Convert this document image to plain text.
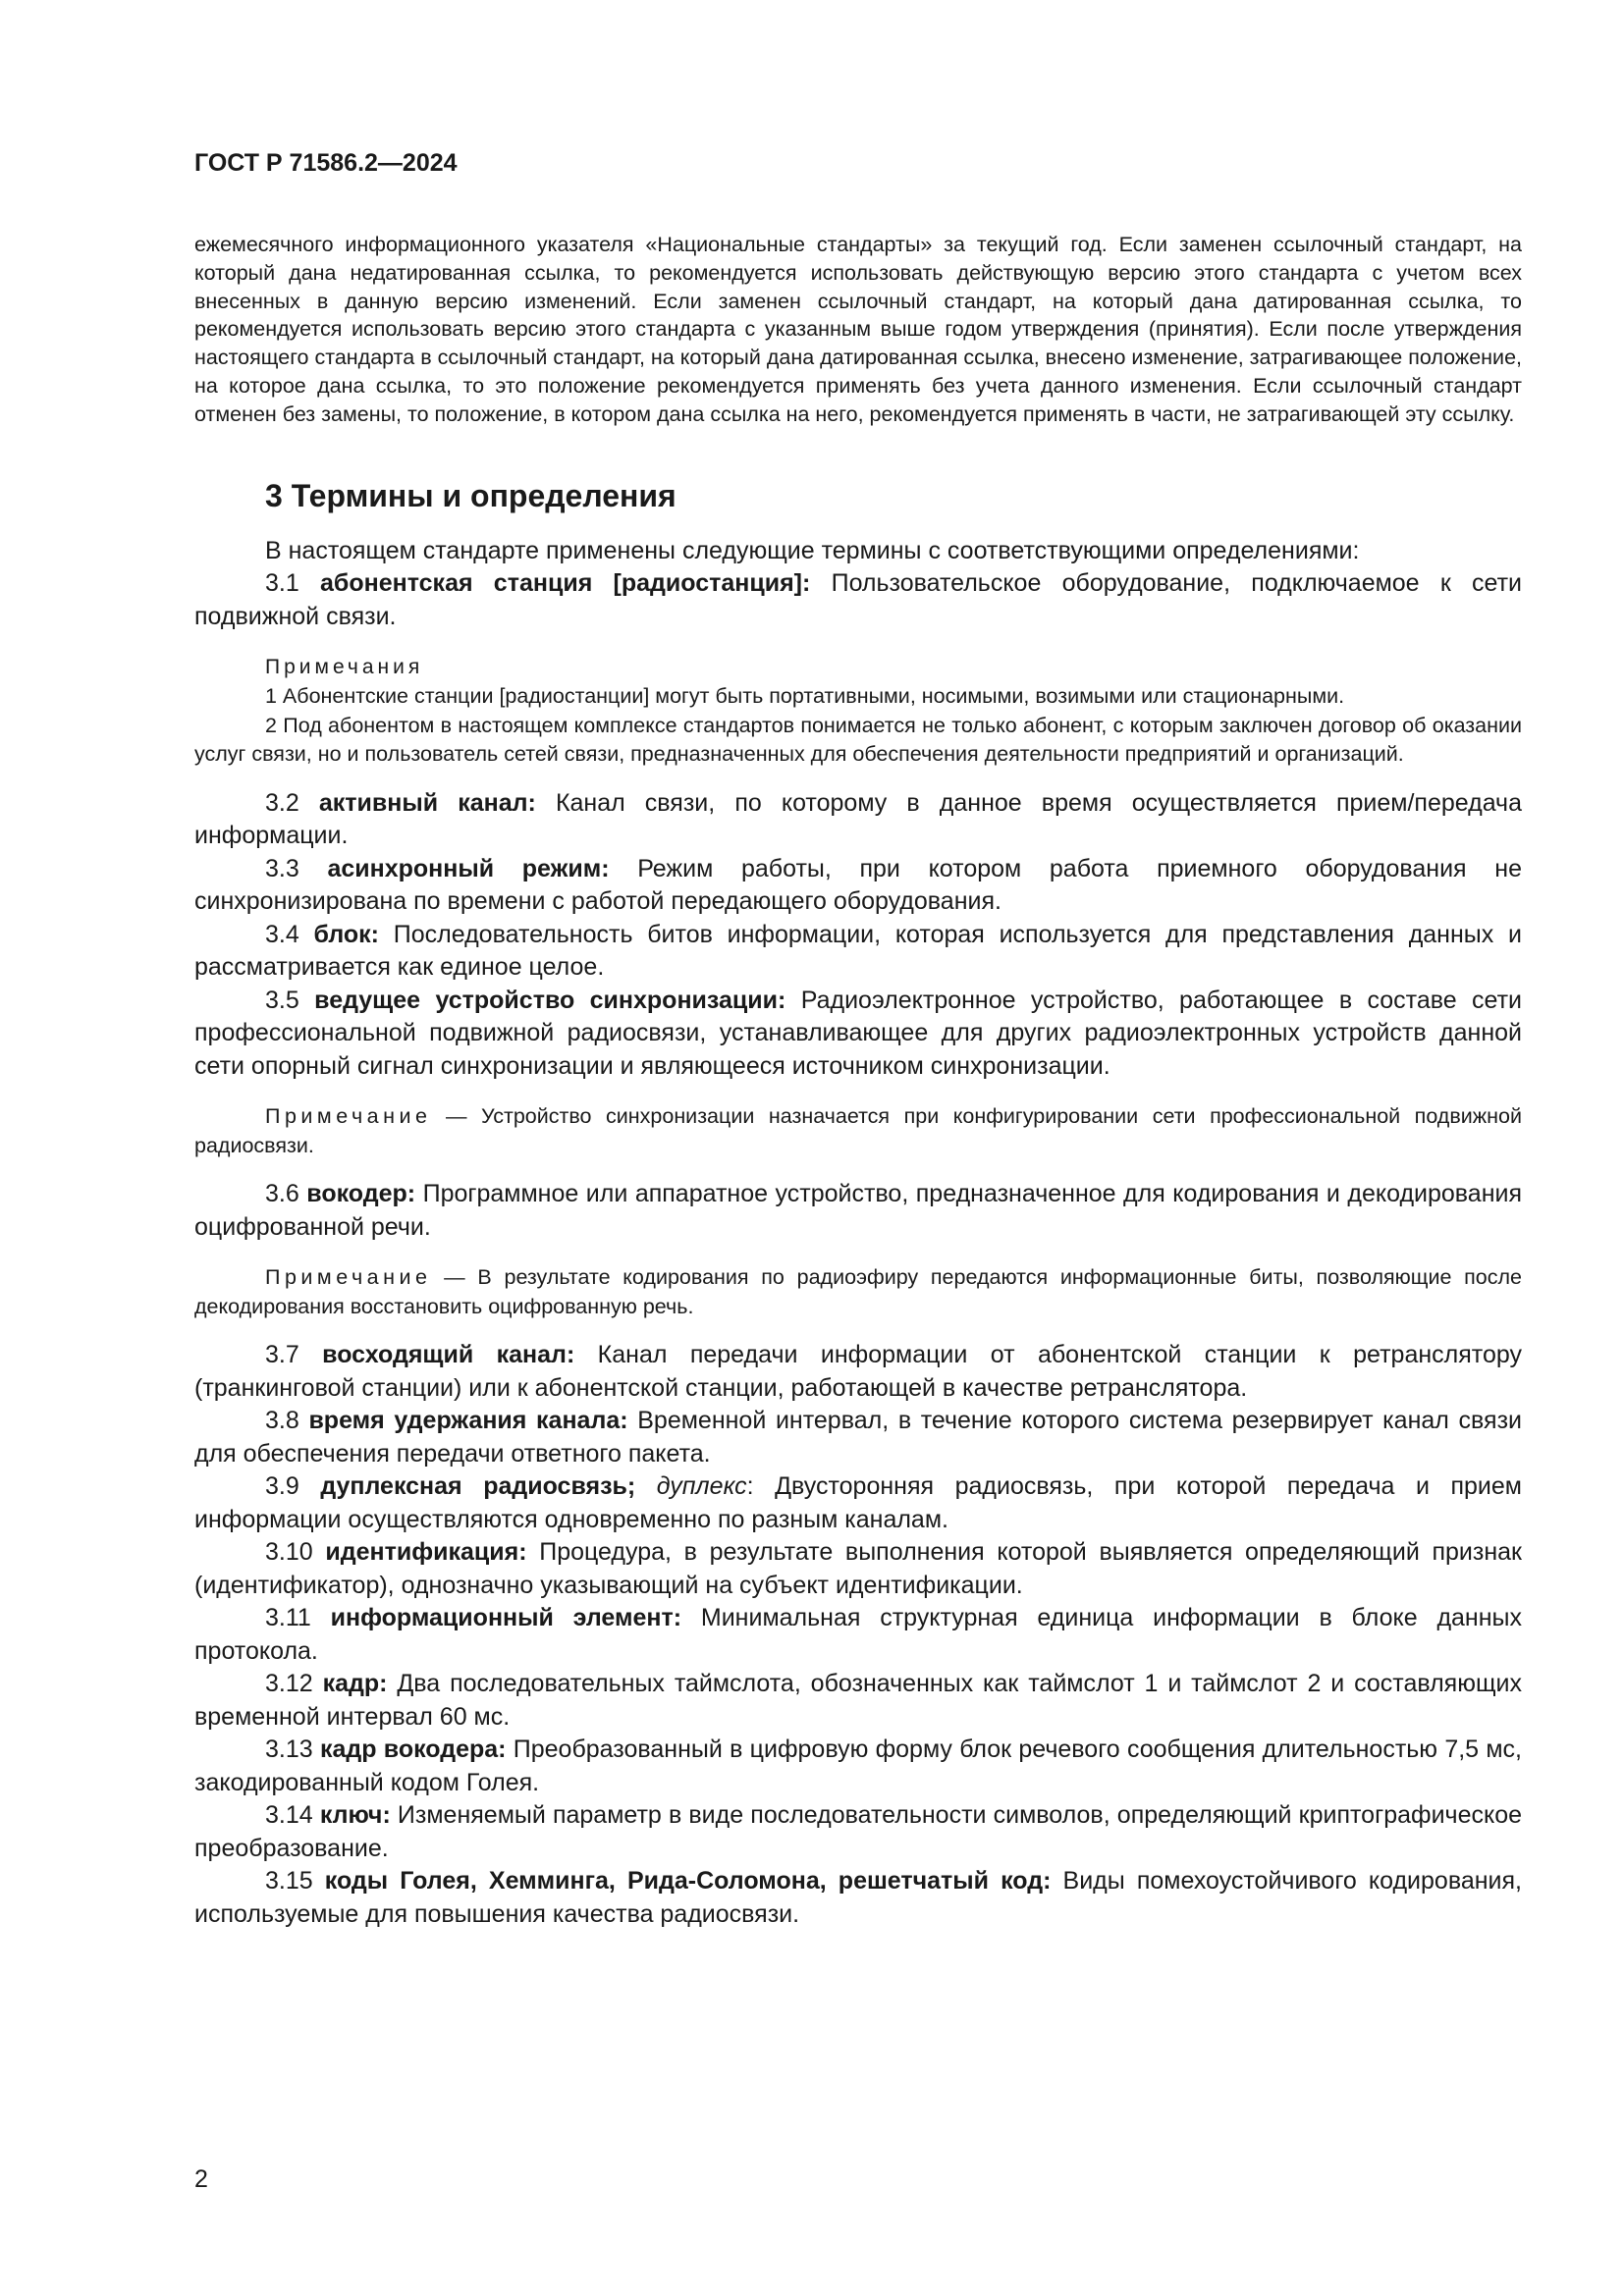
ГОСТ Р 71586.2—2024

ежемесячного информационного указателя «Национальные стандарты» за текущий год. Если заменен ссылочный стандарт, на который дана недатированная ссылка, то рекомендуется использовать действующую версию этого стандарта с учетом всех внесенных в данную версию изменений. Если заменен ссылочный стандарт, на который дана датированная ссылка, то рекомендуется использовать версию этого стандарта с указанным выше годом утверждения (принятия). Если после утверждения настоящего стандарта в ссылочный стандарт, на который дана датированная ссылка, внесено изменение, затрагивающее положение, на которое дана ссылка, то это положение рекомендуется применять без учета данного изменения. Если ссылочный стандарт отменен без замены, то положение, в котором дана ссылка на него, рекомендуется применять в части, не затрагивающей эту ссылку.

3 Термины и определения

В настоящем стандарте применены следующие термины с соответствующими определениями:

3.1 абонентская станция [радиостанция]: Пользовательское оборудование, подключаемое к сети подвижной связи.

Примечания

1 Абонентские станции [радиостанции] могут быть портативными, носимыми, возимыми или стационарными.

2 Под абонентом в настоящем комплексе стандартов понимается не только абонент, с которым заключен договор об оказании услуг связи, но и пользователь сетей связи, предназначенных для обеспечения деятельности предприятий и организаций.

3.2 активный канал: Канал связи, по которому в данное время осуществляется прием/передача информации.

3.3 асинхронный режим: Режим работы, при котором работа приемного оборудования не синхронизирована по времени с работой передающего оборудования.

3.4 блок: Последовательность битов информации, которая используется для представления данных и рассматривается как единое целое.

3.5 ведущее устройство синхронизации: Радиоэлектронное устройство, работающее в составе сети профессиональной подвижной радиосвязи, устанавливающее для других радиоэлектронных устройств данной сети опорный сигнал синхронизации и являющееся источником синхронизации.

Примечание — Устройство синхронизации назначается при конфигурировании сети профессиональной подвижной радиосвязи.

3.6 вокодер: Программное или аппаратное устройство, предназначенное для кодирования и декодирования оцифрованной речи.

Примечание — В результате кодирования по радиоэфиру передаются информационные биты, позволяющие после декодирования восстановить оцифрованную речь.

3.7 восходящий канал: Канал передачи информации от абонентской станции к ретранслятору (транкинговой станции) или к абонентской станции, работающей в качестве ретранслятора.

3.8 время удержания канала: Временной интервал, в течение которого система резервирует канал связи для обеспечения передачи ответного пакета.

3.9 дуплексная радиосвязь; дуплекс: Двусторонняя радиосвязь, при которой передача и прием информации осуществляются одновременно по разным каналам.

3.10 идентификация: Процедура, в результате выполнения которой выявляется определяющий признак (идентификатор), однозначно указывающий на субъект идентификации.

3.11 информационный элемент: Минимальная структурная единица информации в блоке данных протокола.

3.12 кадр: Два последовательных таймслота, обозначенных как таймслот 1 и таймслот 2 и составляющих временной интервал 60 мс.

3.13 кадр вокодера: Преобразованный в цифровую форму блок речевого сообщения длительностью 7,5 мс, закодированный кодом Голея.

3.14 ключ: Изменяемый параметр в виде последовательности символов, определяющий криптографическое преобразование.

3.15 коды Голея, Хемминга, Рида-Соломона, решетчатый код: Виды помехоустойчивого кодирования, используемые для повышения качества радиосвязи.

2
